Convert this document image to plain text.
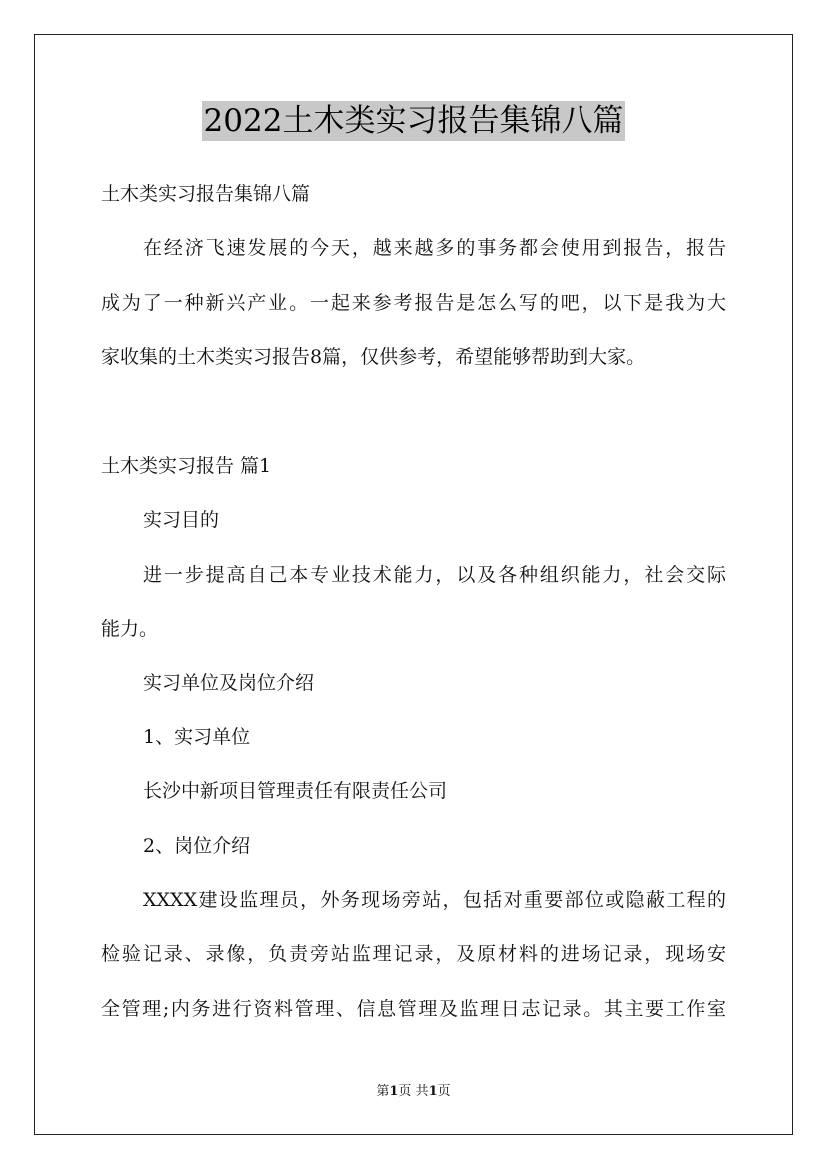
2022土木类实习报告集锦八篇
土木类实习报告集锦八篇
在经济飞速发展的今天，越来越多的事务都会使用到报告，报告
成为了一种新兴产业。一起来参考报告是怎么写的吧，以下是我为大
家收集的土木类实习报告8篇，仅供参考，希望能够帮助到大家。
土木类实习报告 篇1
实习目的
进一步提高自己本专业技术能力，以及各种组织能力，社会交际
能力。
实习单位及岗位介绍
1、实习单位
长沙中新项目管理责任有限责任公司
2、岗位介绍
XXXX建设监理员，外务现场旁站，包括对重要部位或隐蔽工程的
检验记录、录像，负责旁站监理记录，及原材料的进场记录，现场安
全管理;内务进行资料管理、信息管理及监理日志记录。其主要工作室
第1页 共1页
